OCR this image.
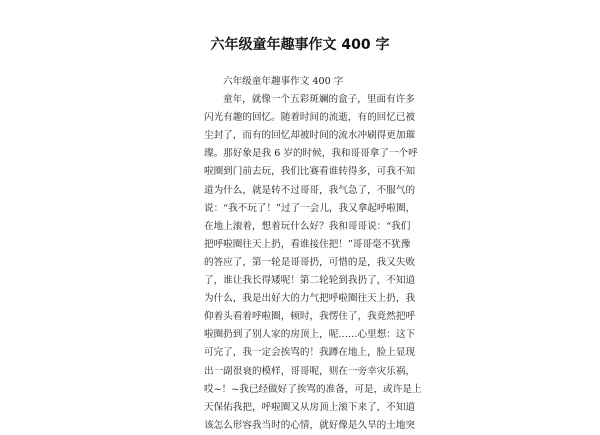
六年级童年趣事作文 400 字
六年级童年趣事作文 400 字
童年，就像一个五彩斑斓的盒子，里面有许多
闪光有趣的回忆。随着时间的流逝，有的回忆已被
尘封了，而有的回忆却被时间的流水冲刷得更加璀
璨。那好象是我 6 岁的时候，我和哥哥拿了一个呼
啦圈到门前去玩，我们比赛看谁转得多，可我不知
道为什么，就是转不过哥哥，我气急了，不服气的
说：“我不玩了！”过了一会儿，我又拿起呼啦圈，
在地上滚着，想着玩什么好？我和哥哥说：“我们
把呼啦圈往天上扔，看谁接住把！”哥哥毫不犹豫
的答应了，第一轮是哥哥扔，可惜的是，我又失败
了，谁让我长得矮呢！第二轮轮到我扔了，不知道
为什么，我是出好大的力气把呼啦圈往天上扔，我
仰着头看着呼啦圈，顿时，我愣住了，我竟然把呼
啦圈扔到了别人家的房顶上，呢……心里想：这下
可完了，我一定会挨骂的！我蹲在地上，脸上显现
出一副很衰的模样，哥哥呢，则在一旁幸灾乐祸，
哎~！~我已经做好了挨骂的准备，可是，或许是上
天保佑我把，呼啦圈又从房顶上滚下来了，不知道
该怎么形容我当时的心情，就好像是久旱的土地突
